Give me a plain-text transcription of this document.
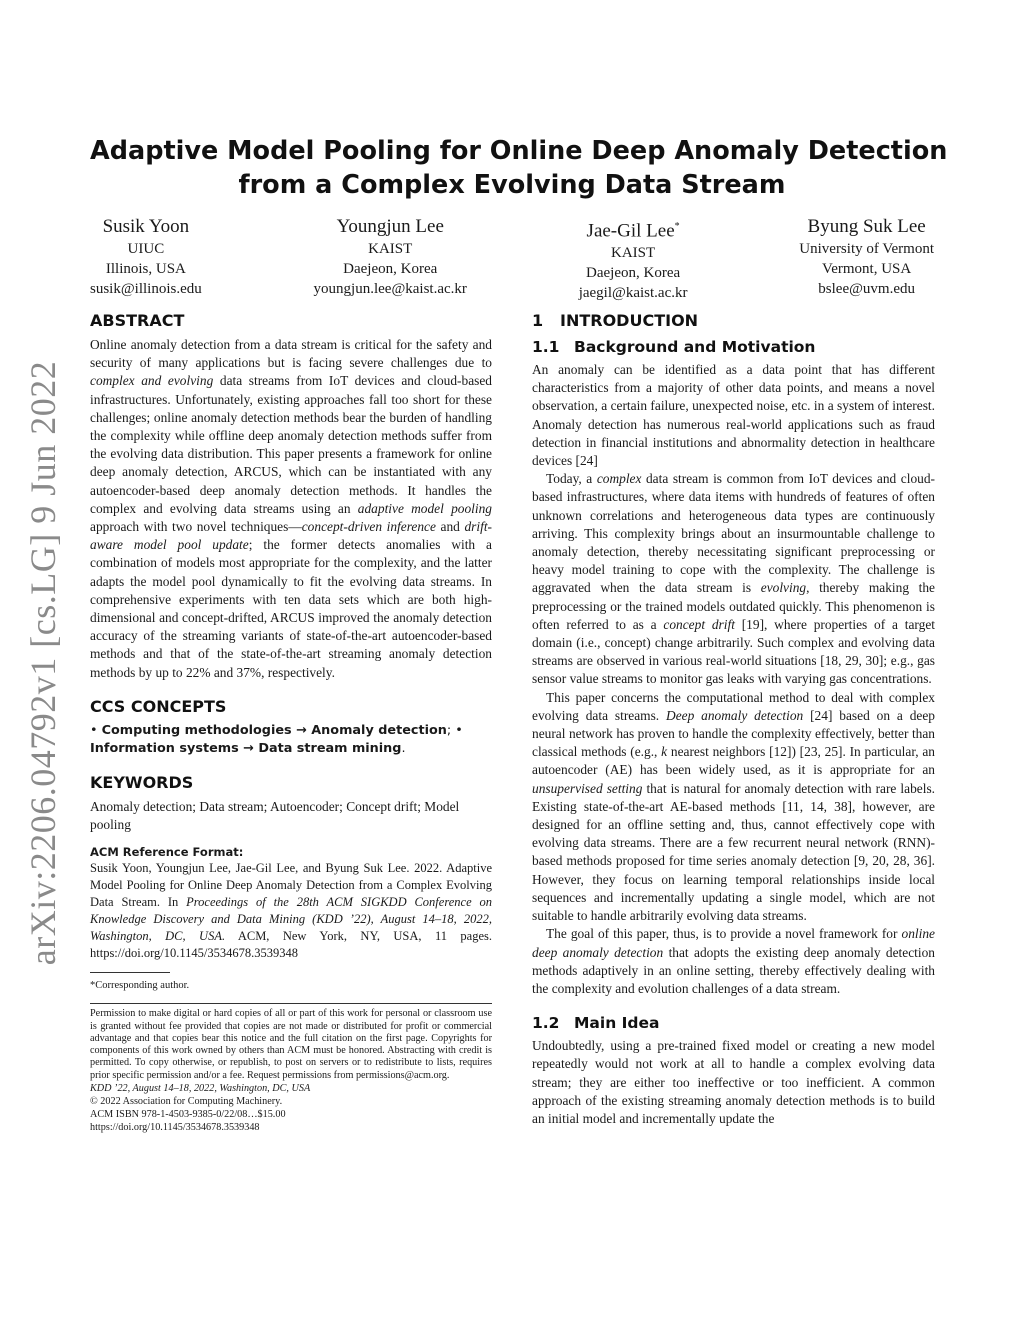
arXiv:2206.04792v1 [cs.LG] 9 Jun 2022
Adaptive Model Pooling for Online Deep Anomaly Detection
from a Complex Evolving Data Stream
Susik Yoon
UIUC
Illinois, USA
susik@illinois.edu
Youngjun Lee
KAIST
Daejeon, Korea
youngjun.lee@kaist.ac.kr
Jae-Gil Lee*
KAIST
Daejeon, Korea
jaegil@kaist.ac.kr
Byung Suk Lee
University of Vermont
Vermont, USA
bslee@uvm.edu
ABSTRACT

Online anomaly detection from a data stream is critical for the safety and security of many applications but is facing severe challenges due to complex and evolving data streams from IoT devices and cloud-based infrastructures. Unfortunately, existing approaches fall too short for these challenges; online anomaly detection methods bear the burden of handling the complexity while offline deep anomaly detection methods suffer from the evolving data distribution. This paper presents a framework for online deep anomaly detection, ARCUS, which can be instantiated with any autoencoder-based deep anomaly detection methods. It handles the complex and evolving data streams using an adaptive model pooling approach with two novel techniques—concept-driven inference and drift-aware model pool update; the former detects anomalies with a combination of models most appropriate for the complexity, and the latter adapts the model pool dynamically to fit the evolving data streams. In comprehensive experiments with ten data sets which are both high-dimensional and concept-drifted, ARCUS improved the anomaly detection accuracy of the streaming variants of state-of-the-art autoencoder-based methods and that of the state-of-the-art streaming anomaly detection methods by up to 22% and 37%, respectively.

CCS CONCEPTS

• Computing methodologies → Anomaly detection; • Information systems → Data stream mining.

KEYWORDS

Anomaly detection; Data stream; Autoencoder; Concept drift; Model pooling

ACM Reference Format:

Susik Yoon, Youngjun Lee, Jae-Gil Lee, and Byung Suk Lee. 2022. Adaptive Model Pooling for Online Deep Anomaly Detection from a Complex Evolving Data Stream. In Proceedings of the 28th ACM SIGKDD Conference on Knowledge Discovery and Data Mining (KDD ’22), August 14–18, 2022, Washington, DC, USA. ACM, New York, NY, USA, 11 pages. https://doi.org/10.1145/3534678.3539348

*Corresponding author.

Permission to make digital or hard copies of all or part of this work for personal or classroom use is granted without fee provided that copies are not made or distributed for profit or commercial advantage and that copies bear this notice and the full citation on the first page. Copyrights for components of this work owned by others than ACM must be honored. Abstracting with credit is permitted. To copy otherwise, or republish, to post on servers or to redistribute to lists, requires prior specific permission and/or a fee. Request permissions from permissions@acm.org.

KDD ’22, August 14–18, 2022, Washington, DC, USA

© 2022 Association for Computing Machinery.

ACM ISBN 978-1-4503-9385-0/22/08…$15.00

https://doi.org/10.1145/3534678.3539348

1 INTRODUCTION
1.1 Background and Motivation

An anomaly can be identified as a data point that has different characteristics from a majority of other data points, and means a novel observation, a certain failure, unexpected noise, etc. in a system of interest. Anomaly detection has numerous real-world applications such as fraud detection in financial institutions and abnormality detection in healthcare devices [24]

Today, a complex data stream is common from IoT devices and cloud-based infrastructures, where data items with hundreds of features of often unknown correlations and heterogeneous data types are continuously arriving. This complexity brings about an insurmountable challenge to anomaly detection, thereby necessitating significant preprocessing or heavy model training to cope with the complexity. The challenge is aggravated when the data stream is evolving, thereby making the preprocessing or the trained models outdated quickly. This phenomenon is often referred to as a concept drift [19], where properties of a target domain (i.e., concept) change arbitrarily. Such complex and evolving data streams are observed in various real-world situations [18, 29, 30]; e.g., gas sensor value streams to monitor gas leaks with varying gas concentrations.

This paper concerns the computational method to deal with complex evolving data streams. Deep anomaly detection [24] based on a deep neural network has proven to handle the complexity effectively, better than classical methods (e.g., k nearest neighbors [12]) [23, 25]. In particular, an autoencoder (AE) has been widely used, as it is appropriate for an unsupervised setting that is natural for anomaly detection with rare labels. Existing state-of-the-art AE-based methods [11, 14, 38], however, are designed for an offline setting and, thus, cannot effectively cope with evolving data streams. There are a few recurrent neural network (RNN)-based methods proposed for time series anomaly detection [9, 20, 28, 36]. However, they focus on learning temporal relationships inside local sequences and incrementally updating a single model, which are not suitable to handle arbitrarily evolving data streams.

The goal of this paper, thus, is to provide a novel framework for online deep anomaly detection that adopts the existing deep anomaly detection methods adaptively in an online setting, thereby effectively dealing with the complexity and evolution challenges of a data stream.

1.2 Main Idea

Undoubtedly, using a pre-trained fixed model or creating a new model repeatedly would not work at all to handle a complex evolving data stream; they are either too ineffective or too inefficient. A common approach of the existing streaming anomaly detection methods is to build an initial model and incrementally update the
